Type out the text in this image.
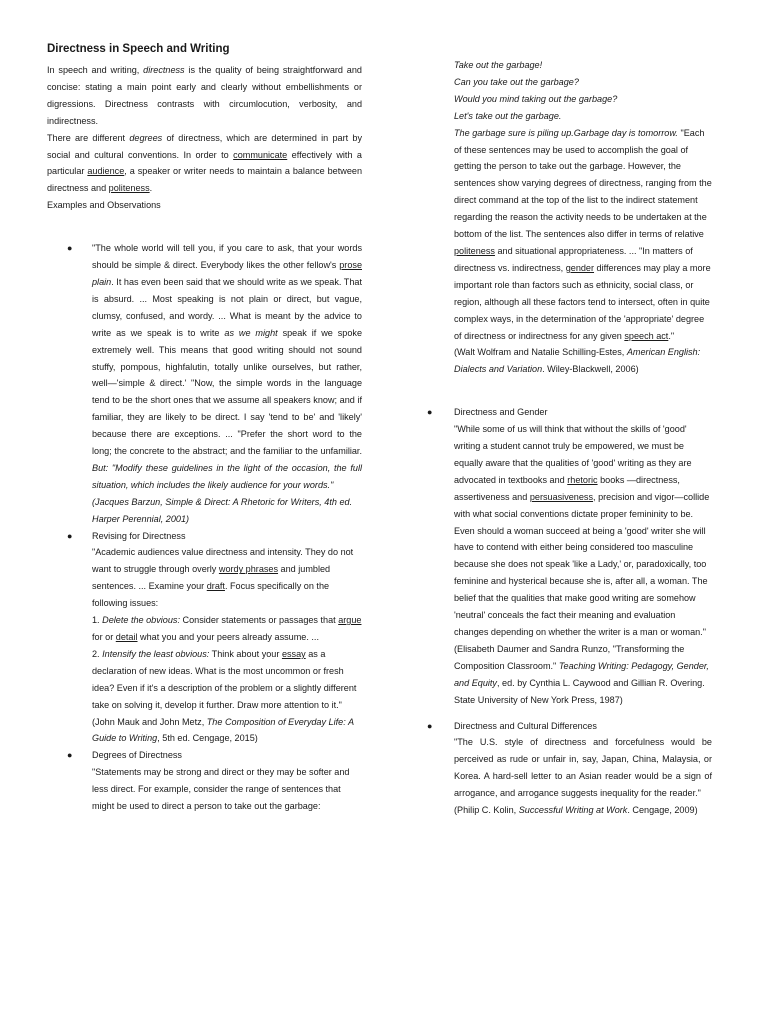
Directness in Speech and Writing

In speech and writing, directness is the quality of being straightforward and concise: stating a main point early and clearly without embellishments or digressions. Directness contrasts with circumlocution, verbosity, and indirectness.

There are different degrees of directness, which are determined in part by social and cultural conventions. In order to communicate effectively with a particular audience, a speaker or writer needs to maintain a balance between directness and politeness.

Examples and Observations

● "The whole world will tell you, if you care to ask, that your words should be simple & direct. Everybody likes the other fellow's prose plain. It has even been said that we should write as we speak. That is absurd. ... Most speaking is not plain or direct, but vague, clumsy, confused, and wordy. ... What is meant by the advice to write as we speak is to write as we might speak if we spoke extremely well. This means that good writing should not sound stuffy, pompous, highfalutin, totally unlike ourselves, but rather, well—'simple & direct.' "Now, the simple words in the language tend to be the short ones that we assume all speakers know; and if familiar, they are likely to be direct. I say 'tend to be' and 'likely' because there are exceptions. ... "Prefer the short word to the long; the concrete to the abstract; and the familiar to the unfamiliar. But: "Modify these guidelines in the light of the occasion, the full situation, which includes the likely audience for your words."

(Jacques Barzun, Simple & Direct: A Rhetoric for Writers, 4th ed. Harper Perennial, 2001)

● Revising for Directness

"Academic audiences value directness and intensity. They do not want to struggle through overly wordy phrases and jumbled sentences. ... Examine your draft. Focus specifically on the following issues:

1. Delete the obvious: Consider statements or passages that argue for or detail what you and your peers already assume. ...

2. Intensify the least obvious: Think about your essay as a declaration of new ideas. What is the most uncommon or fresh idea? Even if it's a description of the problem or a slightly different take on solving it, develop it further. Draw more attention to it." (John Mauk and John Metz, The Composition of Everyday Life: A Guide to Writing, 5th ed. Cengage, 2015)

● Degrees of Directness

"Statements may be strong and direct or they may be softer and less direct. For example, consider the range of sentences that might be used to direct a person to take out the garbage:

Take out the garbage!

Can you take out the garbage?

Would you mind taking out the garbage?

Let's take out the garbage.

The garbage sure is piling up.Garbage day is tomorrow. "Each of these sentences may be used to accomplish the goal of getting the person to take out the garbage. However, the sentences show varying degrees of directness, ranging from the direct command at the top of the list to the indirect statement regarding the reason the activity needs to be undertaken at the bottom of the list. The sentences also differ in terms of relative politeness and situational appropriateness. ... "In matters of directness vs. indirectness, gender differences may play a more important role than factors such as ethnicity, social class, or region, although all these factors tend to intersect, often in quite complex ways, in the determination of the 'appropriate' degree of directness or indirectness for any given speech act."

(Walt Wolfram and Natalie Schilling-Estes, American English: Dialects and Variation. Wiley-Blackwell, 2006)

● Directness and Gender

"While some of us will think that without the skills of 'good' writing a student cannot truly be empowered, we must be equally aware that the qualities of 'good' writing as they are advocated in textbooks and rhetoric books —directness, assertiveness and persuasiveness, precision and vigor—collide with what social conventions dictate proper femininity to be. Even should a woman succeed at being a 'good' writer she will have to contend with either being considered too masculine because she does not speak 'like a Lady,' or, paradoxically, too feminine and hysterical because she is, after all, a woman. The belief that the qualities that make good writing are somehow 'neutral' conceals the fact their meaning and evaluation changes depending on whether the writer is a man or woman."

(Elisabeth Daumer and Sandra Runzo, "Transforming the Composition Classroom." Teaching Writing: Pedagogy, Gender, and Equity, ed. by Cynthia L. Caywood and Gillian R. Overing. State University of New York Press, 1987)

● Directness and Cultural Differences

"The U.S. style of directness and forcefulness would be perceived as rude or unfair in, say, Japan, China, Malaysia, or Korea. A hard-sell letter to an Asian reader would be a sign of arrogance, and arrogance suggests inequality for the reader."

(Philip C. Kolin, Successful Writing at Work. Cengage, 2009)
